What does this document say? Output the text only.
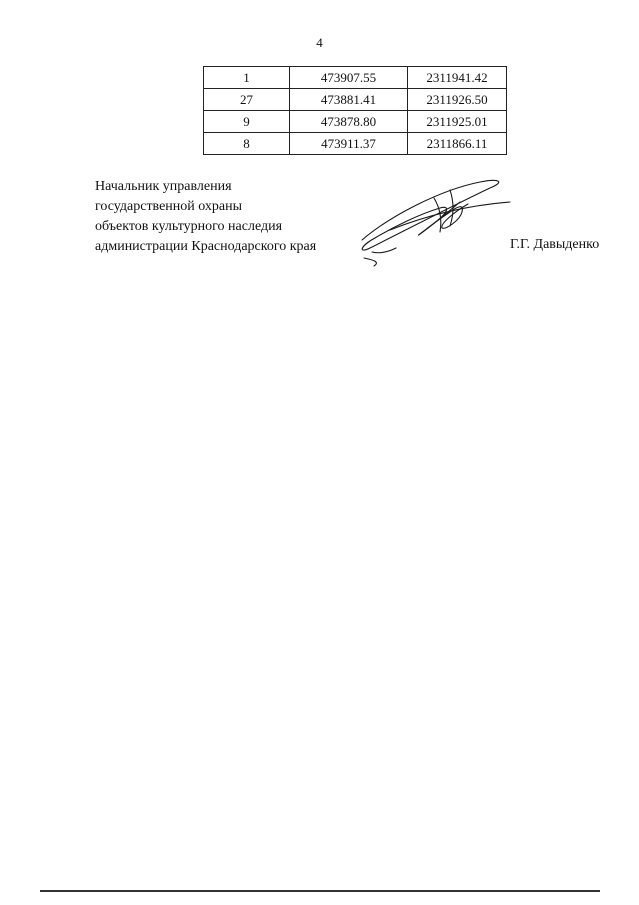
4
1	473907.55	2311941.42
27	473881.41	2311926.50
9	473878.80	2311925.01
8	473911.37	2311866.11
Начальник управления
государственной охраны
объектов культурного наследия
администрации Краснодарского края	Г.Г. Давыденко
